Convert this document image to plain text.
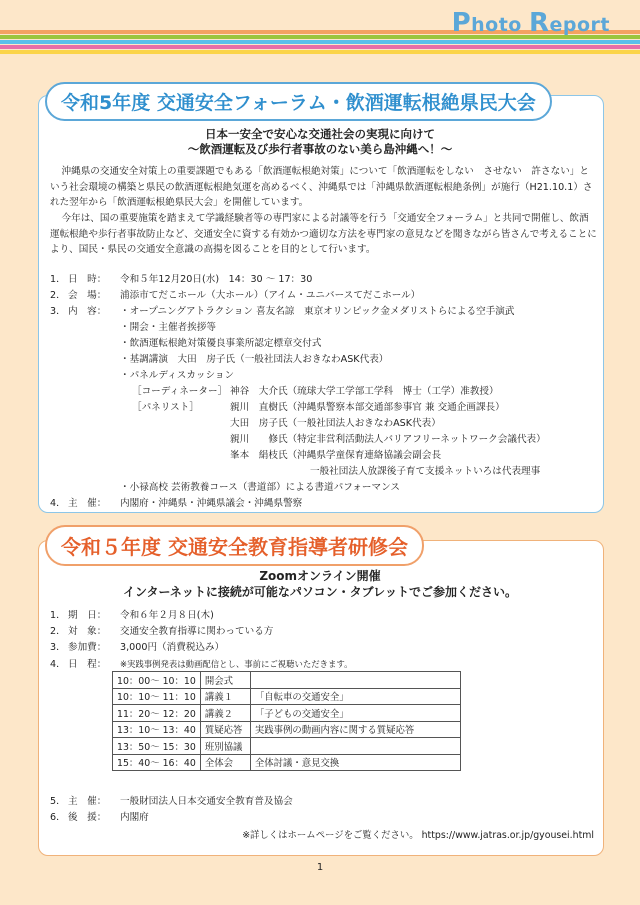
Photo Report
令和5年度 交通安全フォーラム・飲酒運転根絶県民大会
日本一安全で安心な交通社会の実現に向けて
～飲酒運転及び歩行者事故のない美ら島沖縄へ！～
沖縄県の交通安全対策上の重要課題でもある「飲酒運転根絶対策」について「飲酒運転をしない　させない　許さない」という社会環境の構築と県民の飲酒運転根絶気運を高めるべく、沖縄県では「沖縄県飲酒運転根絶条例」が施行（H21.10.1）された翌年から「飲酒運転根絶県民大会」を開催しています。
今年は、国の重要施策を踏まえて学識経験者等の専門家による討議等を行う「交通安全フォーラム」と共同で開催し、飲酒運転根絶や歩行者事故防止など、交通安全に資する有効かつ適切な方法を専門家の意見などを聞きながら皆さんで考えることにより、国民・県民の交通安全意識の高揚を図ることを目的として行います。
1． 日　時： 令和５年12月20日(水)　14：30 ～ 17：30
2． 会　場： 浦添市てだこホール（大ホール）（アイム・ユニバースてだこホール）
3． 内　容： ・オープニングアトラクション 喜友名諒　東京オリンピック金メダリストらによる空手演武
・開会・主催者挨拶等
・飲酒運転根絶対策優良事業所認定標章交付式
・基調講演　大田　房子氏（一般社団法人おきなわASK代表）
・パネルディスカッション
［コーディネーター］ 神谷　大介氏（琉球大学工学部工学科　博士（工学）准教授）
［パネリスト］	親川　直樹氏（沖縄県警察本部交通部参事官 兼 交通企画課長）
大田　房子氏（一般社団法人おきなわASK代表）
親川　　修氏（特定非営利活動法人バリアフリーネットワーク会議代表）
峯本　絹枝氏（沖縄県学童保育連絡協議会副会長
一般社団法人放課後子育て支援ネットいろは代表理事
・小禄高校 芸術教養コース（書道部）による書道パフォーマンス
4． 主　催： 内閣府・沖縄県・沖縄県議会・沖縄県警察
令和５年度 交通安全教育指導者研修会
Zoomオンライン開催
インターネットに接続が可能なパソコン・タブレットでご参加ください。
1． 期　日： 令和６年２月８日(木)
2． 対　象： 交通安全教育指導に関わっている方
3． 参加費： 3,000円（消費税込み）
4． 日　程： ※実践事例発表は動画配信とし、事前にご視聴いただきます。
10：00～ 10：10	開会式	
10：10～ 11：10	講義１	「自転車の交通安全」
11：20～ 12：20	講義２	「子どもの交通安全」
13：10～ 13：40	質疑応答	実践事例の動画内容に関する質疑応答
13：50～ 15：30	班別協議	
15：40～ 16：40	全体会	全体討議・意見交換
5． 主　催： 一般財団法人日本交通安全教育普及協会
6． 後　援： 内閣府
※詳しくはホームページをご覧ください。 https://www.jatras.or.jp/gyousei.html
1
